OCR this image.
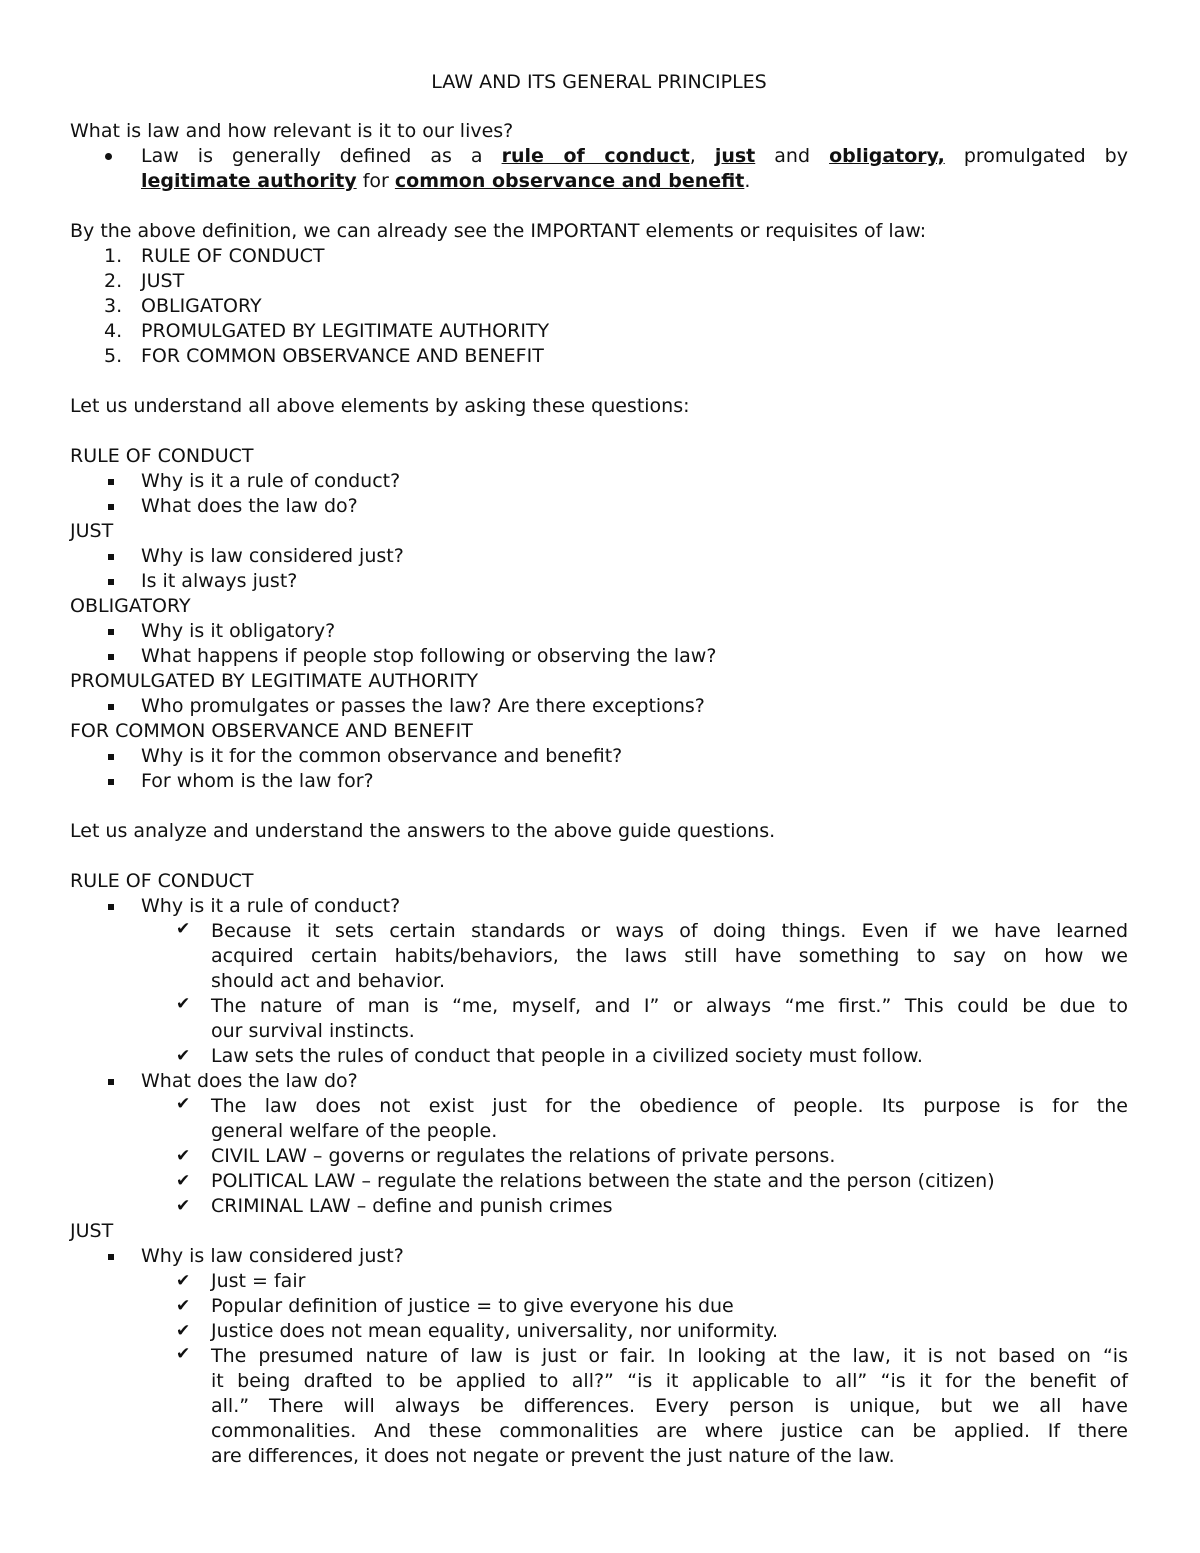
LAW AND ITS GENERAL PRINCIPLES
What is law and how relevant is it to our lives?
Law is generally defined as a rule of conduct, just and obligatory, promulgated by
legitimate authority for common observance and benefit.
By the above definition, we can already see the IMPORTANT elements or requisites of law:
1. RULE OF CONDUCT
2. JUST
3. OBLIGATORY
4. PROMULGATED BY LEGITIMATE AUTHORITY
5. FOR COMMON OBSERVANCE AND BENEFIT
Let us understand all above elements by asking these questions:
RULE OF CONDUCT
Why is it a rule of conduct?
What does the law do?
JUST
Why is law considered just?
Is it always just?
OBLIGATORY
Why is it obligatory?
What happens if people stop following or observing the law?
PROMULGATED BY LEGITIMATE AUTHORITY
Who promulgates or passes the law? Are there exceptions?
FOR COMMON OBSERVANCE AND BENEFIT
Why is it for the common observance and benefit?
For whom is the law for?
Let us analyze and understand the answers to the above guide questions.
RULE OF CONDUCT
Why is it a rule of conduct?
✔ Because it sets certain standards or ways of doing things. Even if we have learned
acquired certain habits/behaviors, the laws still have something to say on how we
should act and behavior.
✔ The nature of man is “me, myself, and I” or always “me first.” This could be due to
our survival instincts.
✔ Law sets the rules of conduct that people in a civilized society must follow.
What does the law do?
✔ The law does not exist just for the obedience of people. Its purpose is for the
general welfare of the people.
✔ CIVIL LAW – governs or regulates the relations of private persons.
✔ POLITICAL LAW – regulate the relations between the state and the person (citizen)
✔ CRIMINAL LAW – define and punish crimes
JUST
Why is law considered just?
✔ Just = fair
✔ Popular definition of justice = to give everyone his due
✔ Justice does not mean equality, universality, nor uniformity.
✔ The presumed nature of law is just or fair. In looking at the law, it is not based on “is
it being drafted to be applied to all?” “is it applicable to all” “is it for the benefit of
all.” There will always be differences. Every person is unique, but we all have
commonalities. And these commonalities are where justice can be applied. If there
are differences, it does not negate or prevent the just nature of the law.
